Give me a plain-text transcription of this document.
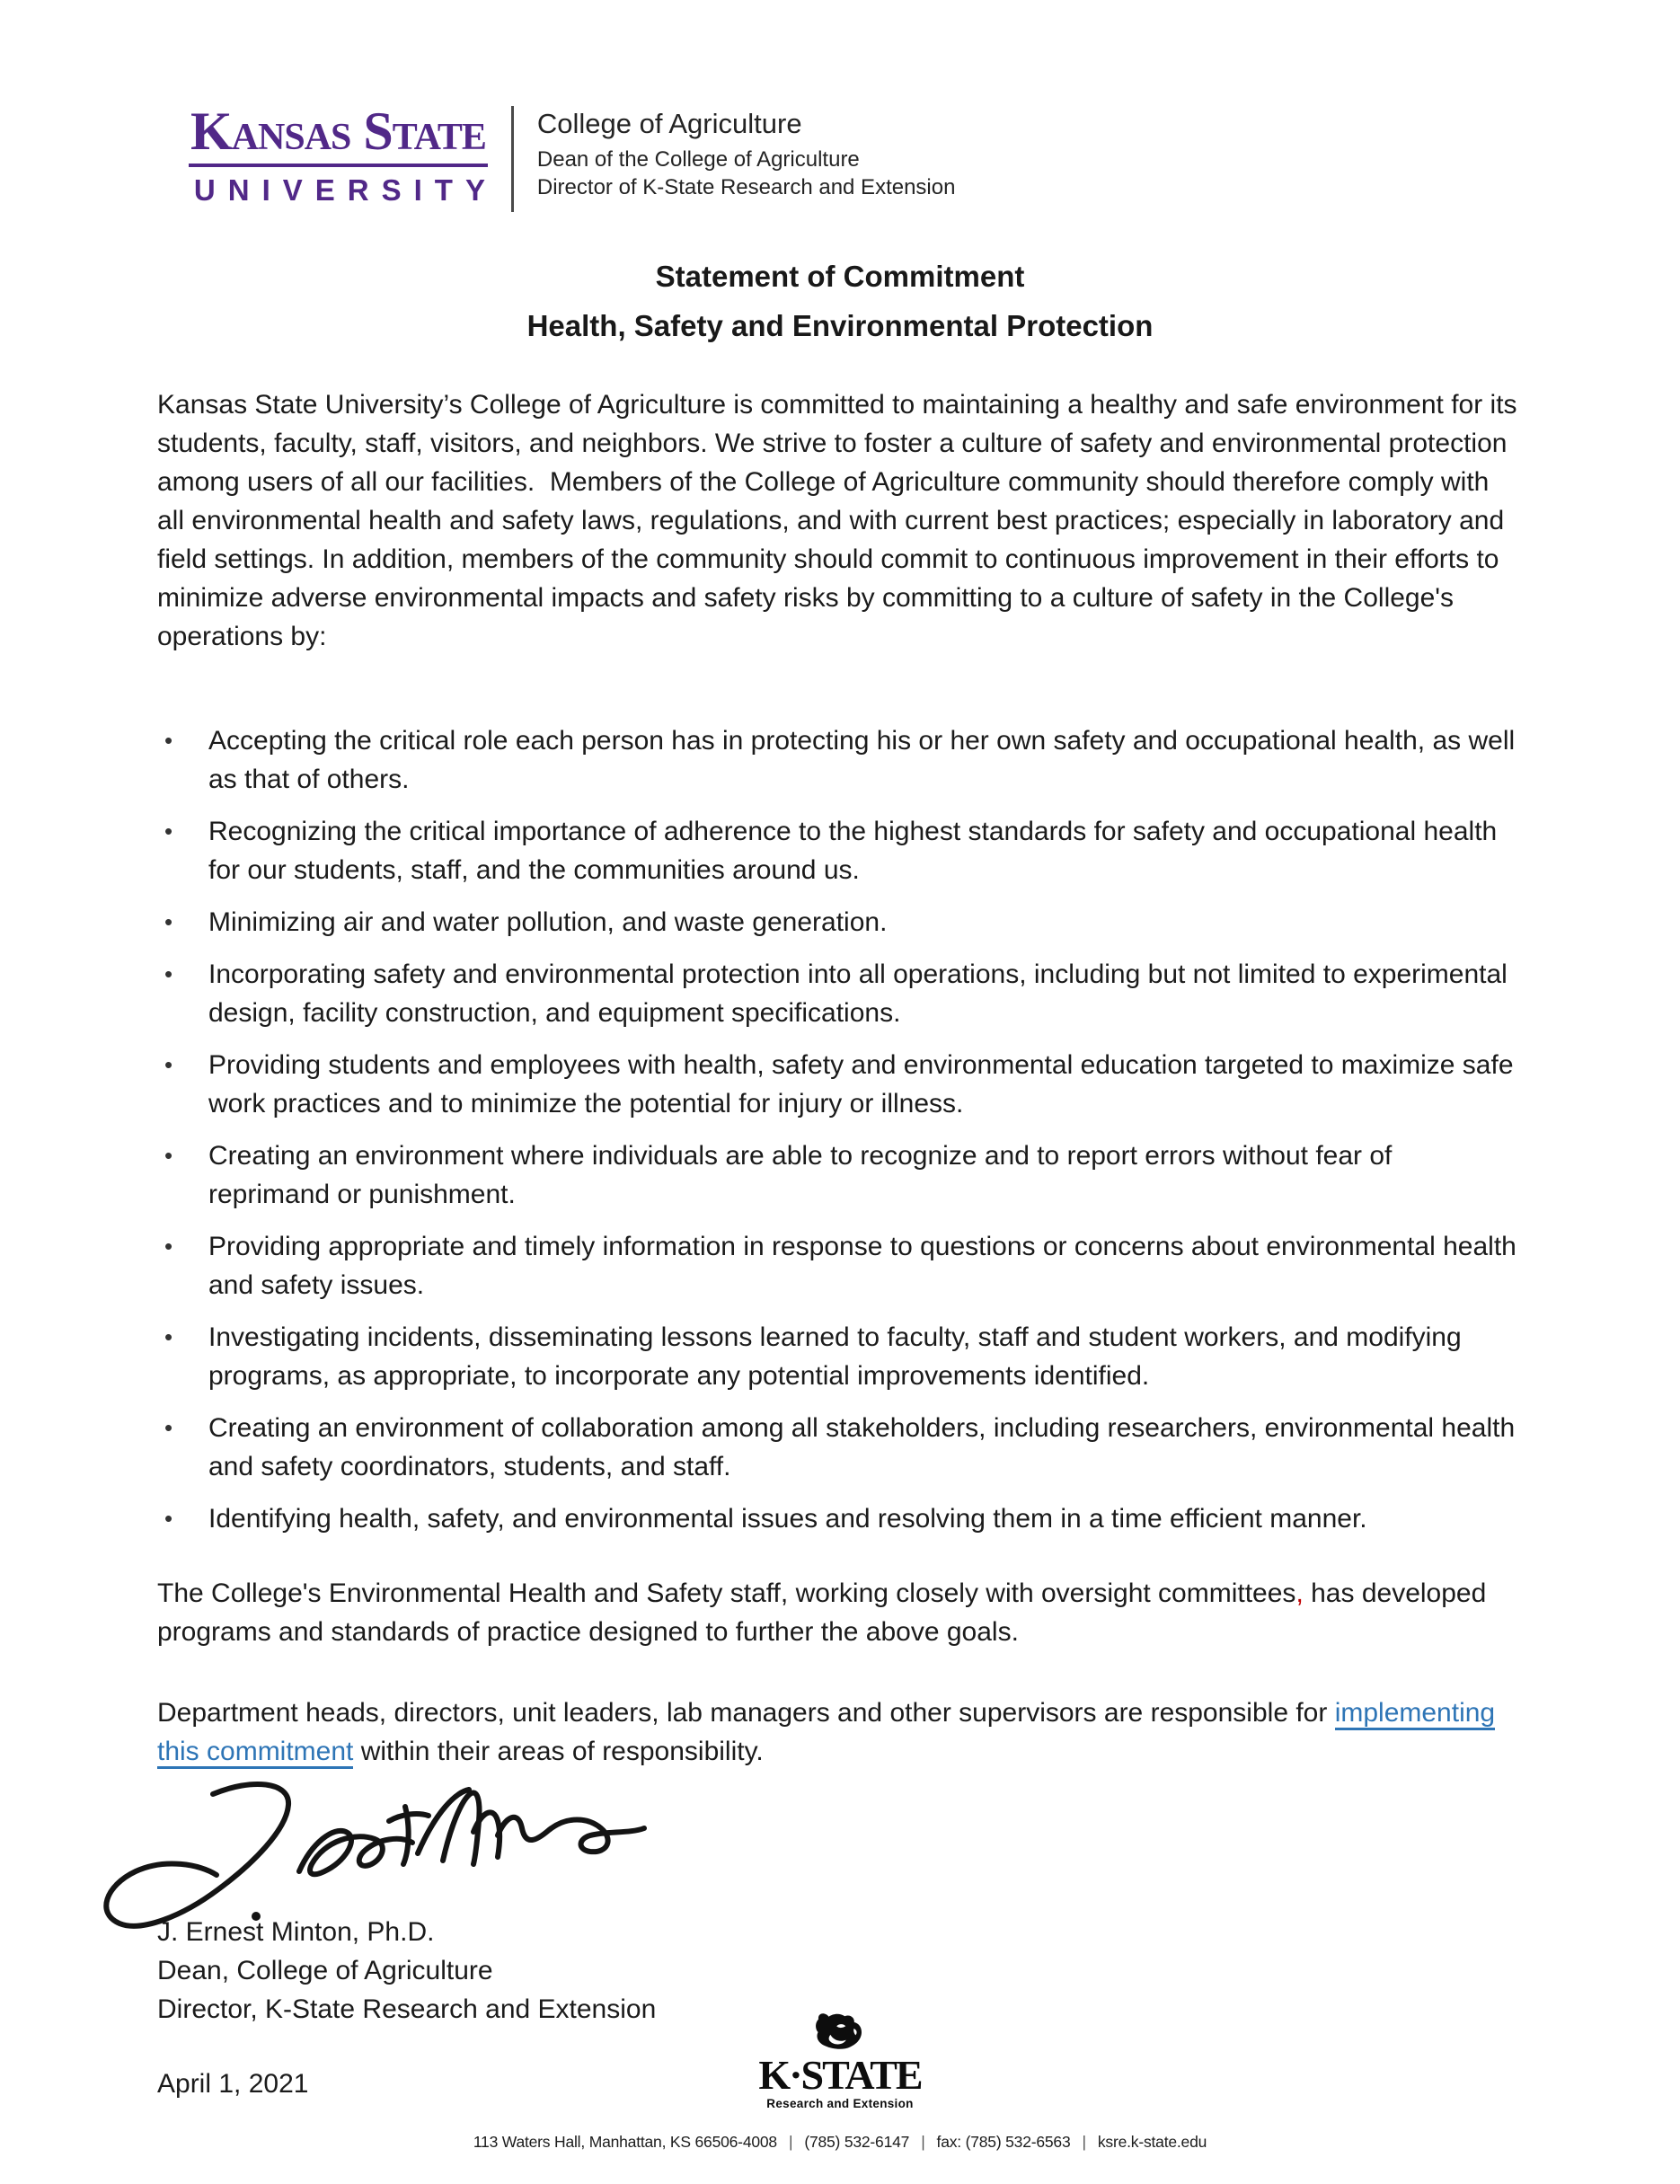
Kansas State
UNIVERSITY
College of Agriculture
Dean of the College of Agriculture
Director of K-State Research and Extension
Statement of Commitment
Health, Safety and Environmental Protection

Kansas State University’s College of Agriculture is committed to maintaining a healthy and safe environment for its students, faculty, staff, visitors, and neighbors. We strive to foster a culture of safety and environmental protection among users of all our facilities.  Members of the College of Agriculture community should therefore comply with all environmental health and safety laws, regulations, and with current best practices; especially in laboratory and field settings. In addition, members of the community should commit to continuous improvement in their efforts to minimize adverse environmental impacts and safety risks by committing to a culture of safety in the College's operations by:

• Accepting the critical role each person has in protecting his or her own safety and occupational health, as well as that of others.
• Recognizing the critical importance of adherence to the highest standards for safety and occupational health for our students, staff, and the communities around us.
• Minimizing air and water pollution, and waste generation.
• Incorporating safety and environmental protection into all operations, including but not limited to experimental design, facility construction, and equipment specifications.
• Providing students and employees with health, safety and environmental education targeted to maximize safe work practices and to minimize the potential for injury or illness.
• Creating an environment where individuals are able to recognize and to report errors without fear of reprimand or punishment.
• Providing appropriate and timely information in response to questions or concerns about environmental health and safety issues.
• Investigating incidents, disseminating lessons learned to faculty, staff and student workers, and modifying programs, as appropriate, to incorporate any potential improvements identified.
• Creating an environment of collaboration among all stakeholders, including researchers, environmental health and safety coordinators, students, and staff.
• Identifying health, safety, and environmental issues and resolving them in a time efficient manner.

The College's Environmental Health and Safety staff, working closely with oversight committees, has developed programs and standards of practice designed to further the above goals.

Department heads, directors, unit leaders, lab managers and other supervisors are responsible for implementing this commitment within their areas of responsibility.

J. Ernest Minton, Ph.D.
Dean, College of Agriculture
Director, K-State Research and Extension
April 1, 2021	K·STATE
Research and Extension
113 Waters Hall, Manhattan, KS 66506-4008 | (785) 532-6147 | fax: (785) 532-6563 | ksre.k-state.edu
